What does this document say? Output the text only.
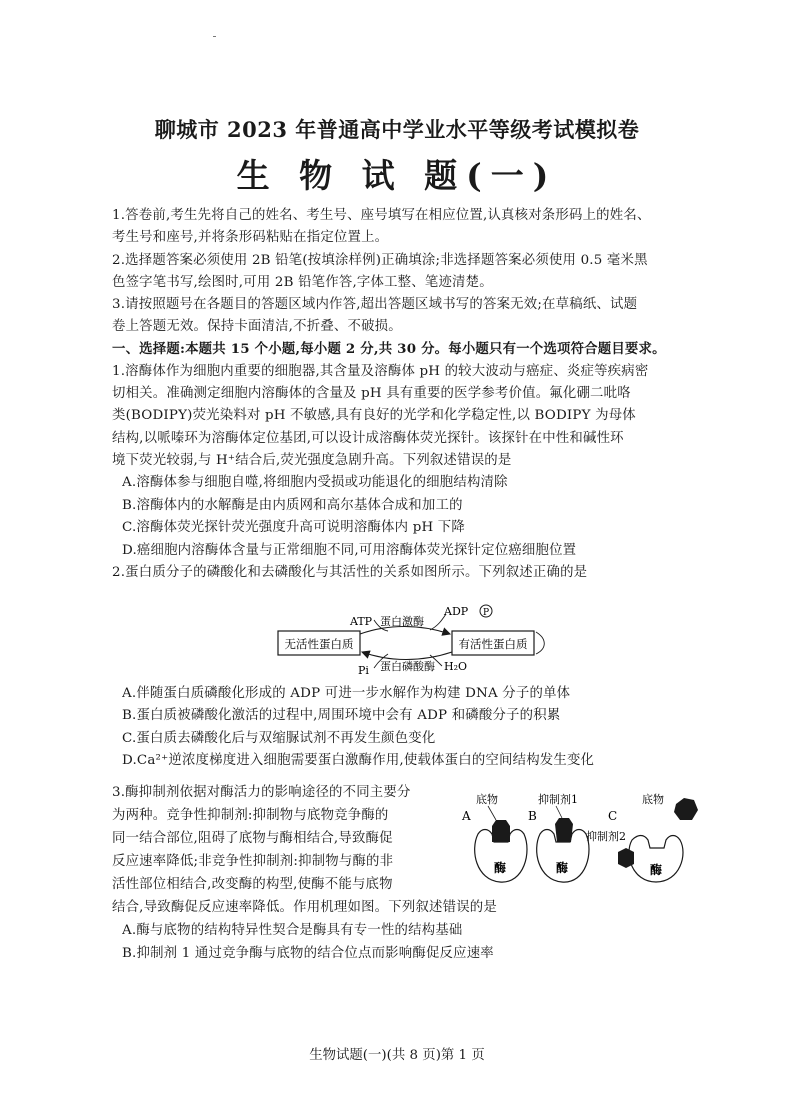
聊城市 2023 年普通高中学业水平等级考试模拟卷
生 物 试 题(一)
1.答卷前,考生先将自己的姓名、考生号、座号填写在相应位置,认真核对条形码上的姓名、
考生号和座号,并将条形码粘贴在指定位置上。
2.选择题答案必须使用 2B 铅笔(按填涂样例)正确填涂;非选择题答案必须使用 0.5 毫米黑
色签字笔书写,绘图时,可用 2B 铅笔作答,字体工整、笔迹清楚。
3.请按照题号在各题目的答题区域内作答,超出答题区域书写的答案无效;在草稿纸、试题
卷上答题无效。保持卡面清洁,不折叠、不破损。
一、选择题:本题共 15 个小题,每小题 2 分,共 30 分。每小题只有一个选项符合题目要求。
1.溶酶体作为细胞内重要的细胞器,其含量及溶酶体 pH 的较大波动与癌症、炎症等疾病密
切相关。准确测定细胞内溶酶体的含量及 pH 具有重要的医学参考价值。氟化硼二吡咯
类(BODIPY)荧光染料对 pH 不敏感,具有良好的光学和化学稳定性,以 BODIPY 为母体
结构,以哌嗪环为溶酶体定位基团,可以设计成溶酶体荧光探针。该探针在中性和碱性环
境下荧光较弱,与 H⁺结合后,荧光强度急剧升高。下列叙述错误的是
A.溶酶体参与细胞自噬,将细胞内受损或功能退化的细胞结构清除
B.溶酶体内的水解酶是由内质网和高尔基体合成和加工的
C.溶酶体荧光探针荧光强度升高可说明溶酶体内 pH 下降
D.癌细胞内溶酶体含量与正常细胞不同,可用溶酶体荧光探针定位癌细胞位置
2.蛋白质分子的磷酸化和去磷酸化与其活性的关系如图所示。下列叙述正确的是
无活性蛋白质	有活性蛋白质
ATP 蛋白激酶
ADP P
Pi 蛋白磷酸酶 H₂O
A.伴随蛋白质磷酸化形成的 ADP 可进一步水解作为构建 DNA 分子的单体
B.蛋白质被磷酸化激活的过程中,周围环境中会有 ADP 和磷酸分子的积累
C.蛋白质去磷酸化后与双缩脲试剂不再发生颜色变化
D.Ca²⁺逆浓度梯度进入细胞需要蛋白激酶作用,使载体蛋白的空间结构发生变化
3.酶抑制剂依据对酶活力的影响途径的不同主要分
为两种。竞争性抑制剂:抑制物与底物竞争酶的
同一结合部位,阻碍了底物与酶相结合,导致酶促
反应速率降低;非竞争性抑制剂:抑制物与酶的非
活性部位相结合,改变酶的构型,使酶不能与底物
A
底物
酶
B
抑制剂1
酶
C
底物
抑制剂2
酶
结合,导致酶促反应速率降低。作用机理如图。下列叙述错误的是
A.酶与底物的结构特异性契合是酶具有专一性的结构基础
B.抑制剂 1 通过竞争酶与底物的结合位点而影响酶促反应速率
生物试题(一)(共 8 页)第 1 页
